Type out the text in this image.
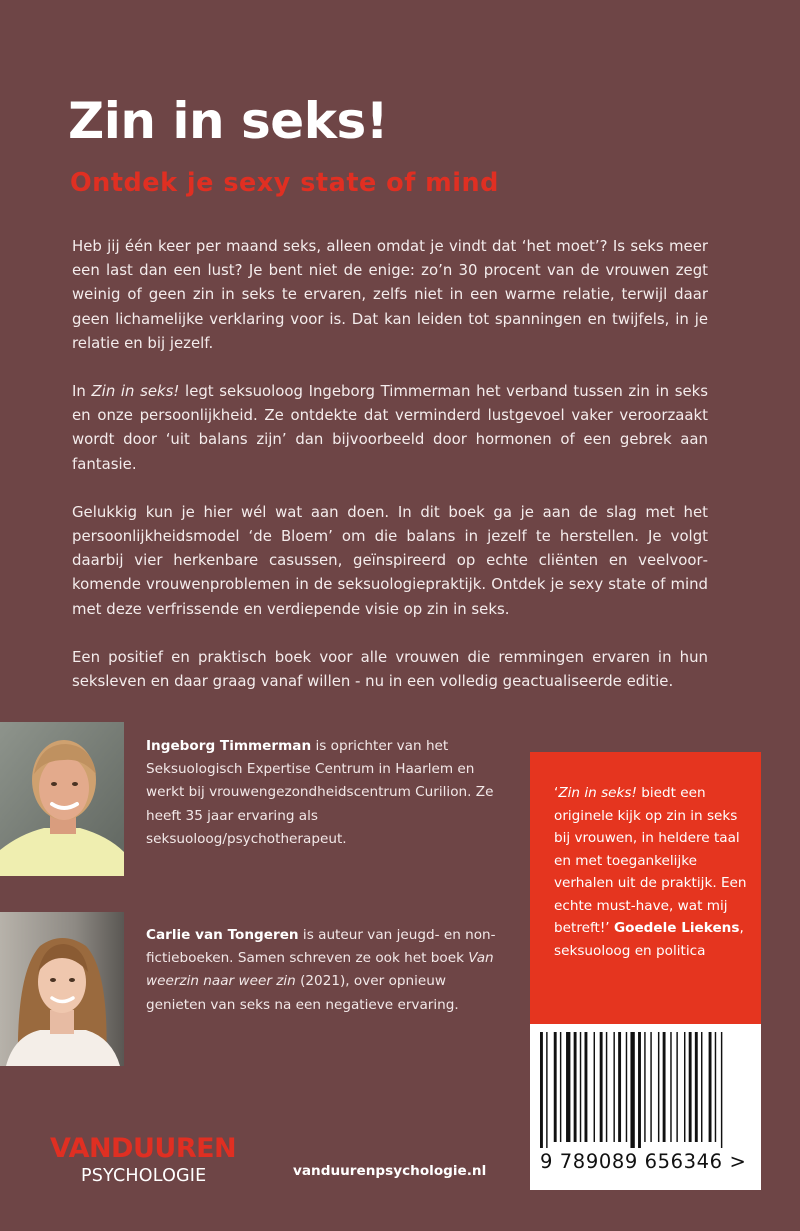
Zin in seks!
Ontdek je sexy state of mind

Heb jij één keer per maand seks, alleen omdat je vindt dat ‘het moet’? Is seks meer een last dan een lust? Je bent niet de enige: zo’n 30 procent van de vrouwen zegt weinig of geen zin in seks te ervaren, zelfs niet in een warme relatie, terwijl daar geen lichamelijke verklaring voor is. Dat kan leiden tot spanningen en twijfels, in je relatie en bij jezelf.

In Zin in seks! legt seksuoloog Ingeborg Timmerman het verband tussen zin in seks en onze persoonlijkheid. Ze ontdekte dat verminderd lustgevoel vaker veroorzaakt wordt door ‘uit balans zijn’ dan bijvoorbeeld door hormonen of een gebrek aan fantasie.

Gelukkig kun je hier wél wat aan doen. In dit boek ga je aan de slag met het persoonlijkheidsmodel ‘de Bloem’ om die balans in jezelf te herstellen. Je volgt daarbij vier herkenbare casussen, geïnspireerd op echte cliënten en veelvoorkomende vrouwenproblemen in de seksuologiepraktijk. Ontdek je sexy state of mind met deze verfrissende en verdiepende visie op zin in seks.

Een positief en praktisch boek voor alle vrouwen die remmingen ervaren in hun seksleven en daar graag vanaf willen - nu in een volledig geactualiseerde editie.

Ingeborg Timmerman is oprichter van het Seksuologisch Expertise Centrum in Haarlem en werkt bij vrouwengezondheidscentrum Curilion. Ze heeft 35 jaar ervaring als seksuoloog/psychotherapeut.
Carlie van Tongeren is auteur van jeugd- en non-fictieboeken. Samen schreven ze ook het boek Van weerzin naar weer zin (2021), over opnieuw genieten van seks na een negatieve ervaring.
‘Zin in seks! biedt een originele kijk op zin in seks bij vrouwen, in heldere taal en met toegankelijke verhalen uit de praktijk. Een echte must-have, wat mij betreft!’ Goedele Liekens, seksuoloog en politica
9 789089 656346 >
VANDUUREN
PSYCHOLOGIE	vanduurenpsychologie.nl
